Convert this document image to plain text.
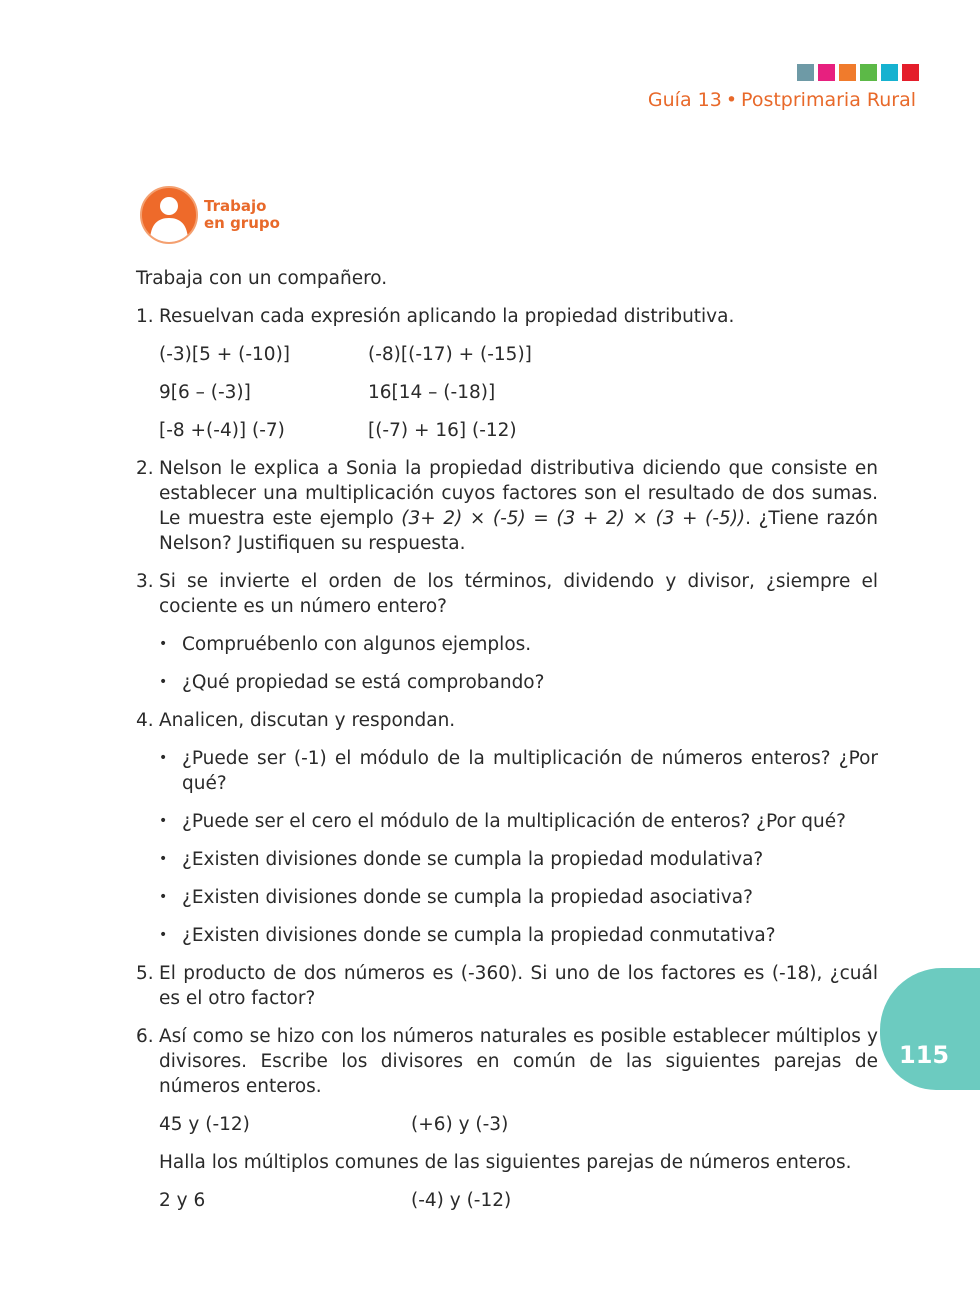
Guía 13 • Postprimaria Rural
Trabajo
en grupo

Trabaja con un compañero.

1. Resuelvan cada expresión aplicando la propiedad distributiva.

(-3)[5 + (-10)]	(-8)[(-17) + (-15)]
9[6 – (-3)]	16[14 – (-18)]
[-8 +(-4)] (-7)	[(-7) + 16] (-12)
2. Nelson le explica a Sonia la propiedad distributiva diciendo que consiste en establecer una multiplicación cuyos factores son el resultado de dos sumas. Le muestra este ejemplo (3+ 2) × (-5) = (3 + 2) × (3 + (-5)). ¿Tiene razón Nelson? Justifiquen su respuesta.

3. Si se invierte el orden de los términos, dividendo y divisor, ¿siempre el cociente es un número entero?

• Compruébenlo con algunos ejemplos.
• ¿Qué propiedad se está comprobando?
4. Analicen, discutan y respondan.

• ¿Puede ser (-1) el módulo de la multiplicación de números enteros? ¿Por qué?
• ¿Puede ser el cero el módulo de la multiplicación de enteros? ¿Por qué?
• ¿Existen divisiones donde se cumpla la propiedad modulativa?
• ¿Existen divisiones donde se cumpla la propiedad asociativa?
• ¿Existen divisiones donde se cumpla la propiedad conmutativa?
5. El producto de dos números es (-360). Si uno de los factores es (-18), ¿cuál es el otro factor?

6. Así como se hizo con los números naturales es posible establecer múltiplos y divisores. Escribe los divisores en común de las siguientes parejas de números enteros.

45 y (-12)	(+6) y (-3)

Halla los múltiplos comunes de las siguientes parejas de números enteros.

2 y 6	(-4) y (-12)
115
